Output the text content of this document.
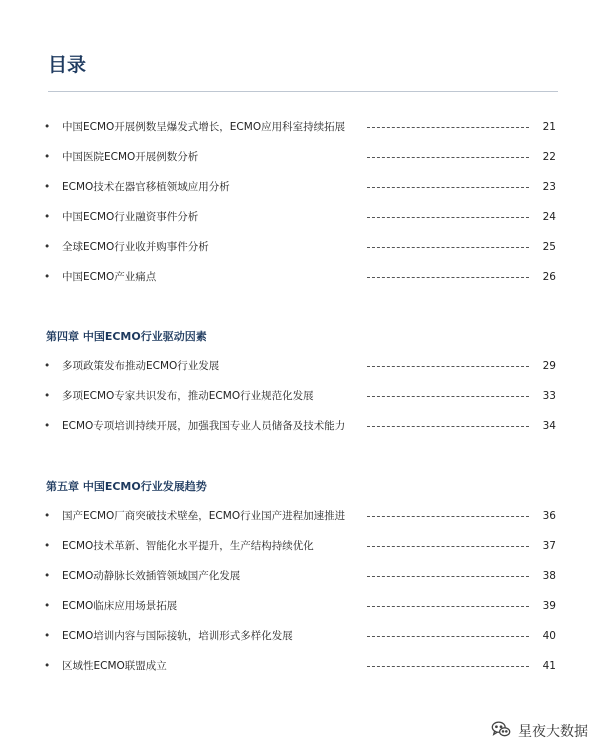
目录
• 中国ECMO开展例数呈爆发式增长，ECMO应用科室持续拓展	21
• 中国医院ECMO开展例数分析	22
• ECMO技术在器官移植领域应用分析	23
• 中国ECMO行业融资事件分析	24
• 全球ECMO行业收并购事件分析	25
• 中国ECMO产业痛点	26
第四章 中国ECMO行业驱动因素
• 多项政策发布推动ECMO行业发展	29
• 多项ECMO专家共识发布，推动ECMO行业规范化发展	33
• ECMO专项培训持续开展，加强我国专业人员储备及技术能力	34
第五章 中国ECMO行业发展趋势
• 国产ECMO厂商突破技术壁垒，ECMO行业国产进程加速推进	36
• ECMO技术革新、智能化水平提升，生产结构持续优化	37
• ECMO动静脉长效插管领域国产化发展	38
• ECMO临床应用场景拓展	39
• ECMO培训内容与国际接轨，培训形式多样化发展	40
• 区域性ECMO联盟成立	41
星夜大数据
